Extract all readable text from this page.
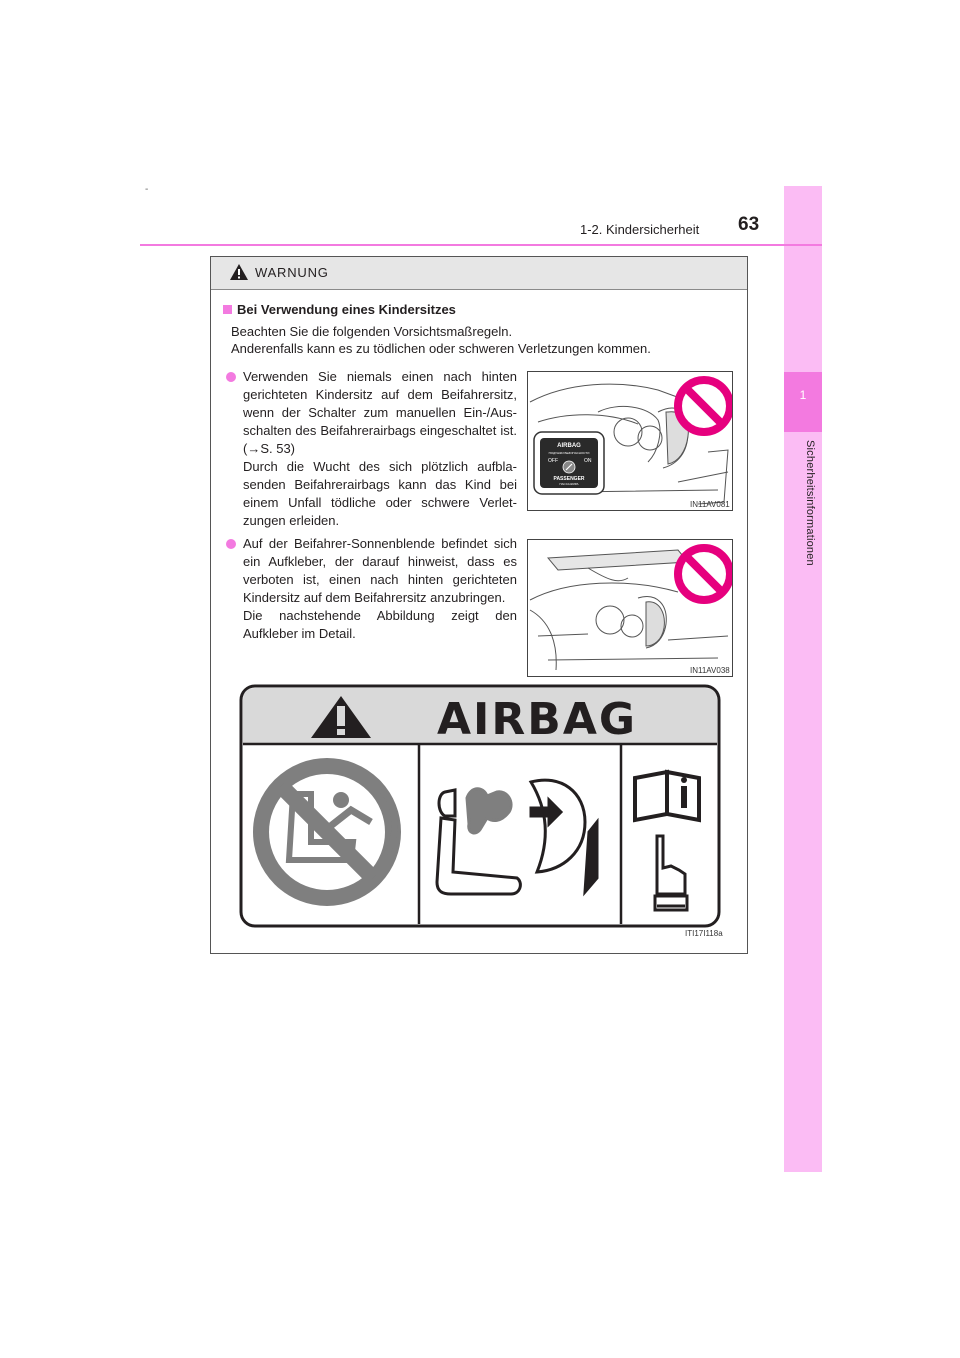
1
Sicherheitsinformationen
-
1-2. Kindersicherheit 63
WARNUNG
Bei Verwendung eines Kindersitzes
Beachten Sie die folgenden Vorsichtsmaßregeln.
Anderenfalls kann es zu tödlichen oder schweren Verletzungen kommen.

Verwenden Sie niemals einen nach hinten gerichteten Kindersitz auf dem Beifahrersitz, wenn der Schalter zum manuellen Ein-/Aus-schalten des Beifahrerairbags eingeschaltet ist. (→S. 53)

Durch die Wucht des sich plötzlich aufbla-senden Beifahrerairbags kann das Kind bei einem Unfall tödliche oder schwere Verlet-zungen erleiden.

AIRBAG
ПОДУШКИ БЕЗОПАСНОСТИ
OFF	ON
PASSENGER
ПАССАЖИРА
IN11AV081

Auf der Beifahrer-Sonnenblende befindet sich ein Aufkleber, der darauf hinweist, dass es verboten ist, einen nach hinten gerichteten Kindersitz auf dem Beifahrersitz anzubringen.

Die nachstehende Abbildung zeigt den Aufkleber im Detail.

IN11AV038
AIRBAG
ITI17I118a
